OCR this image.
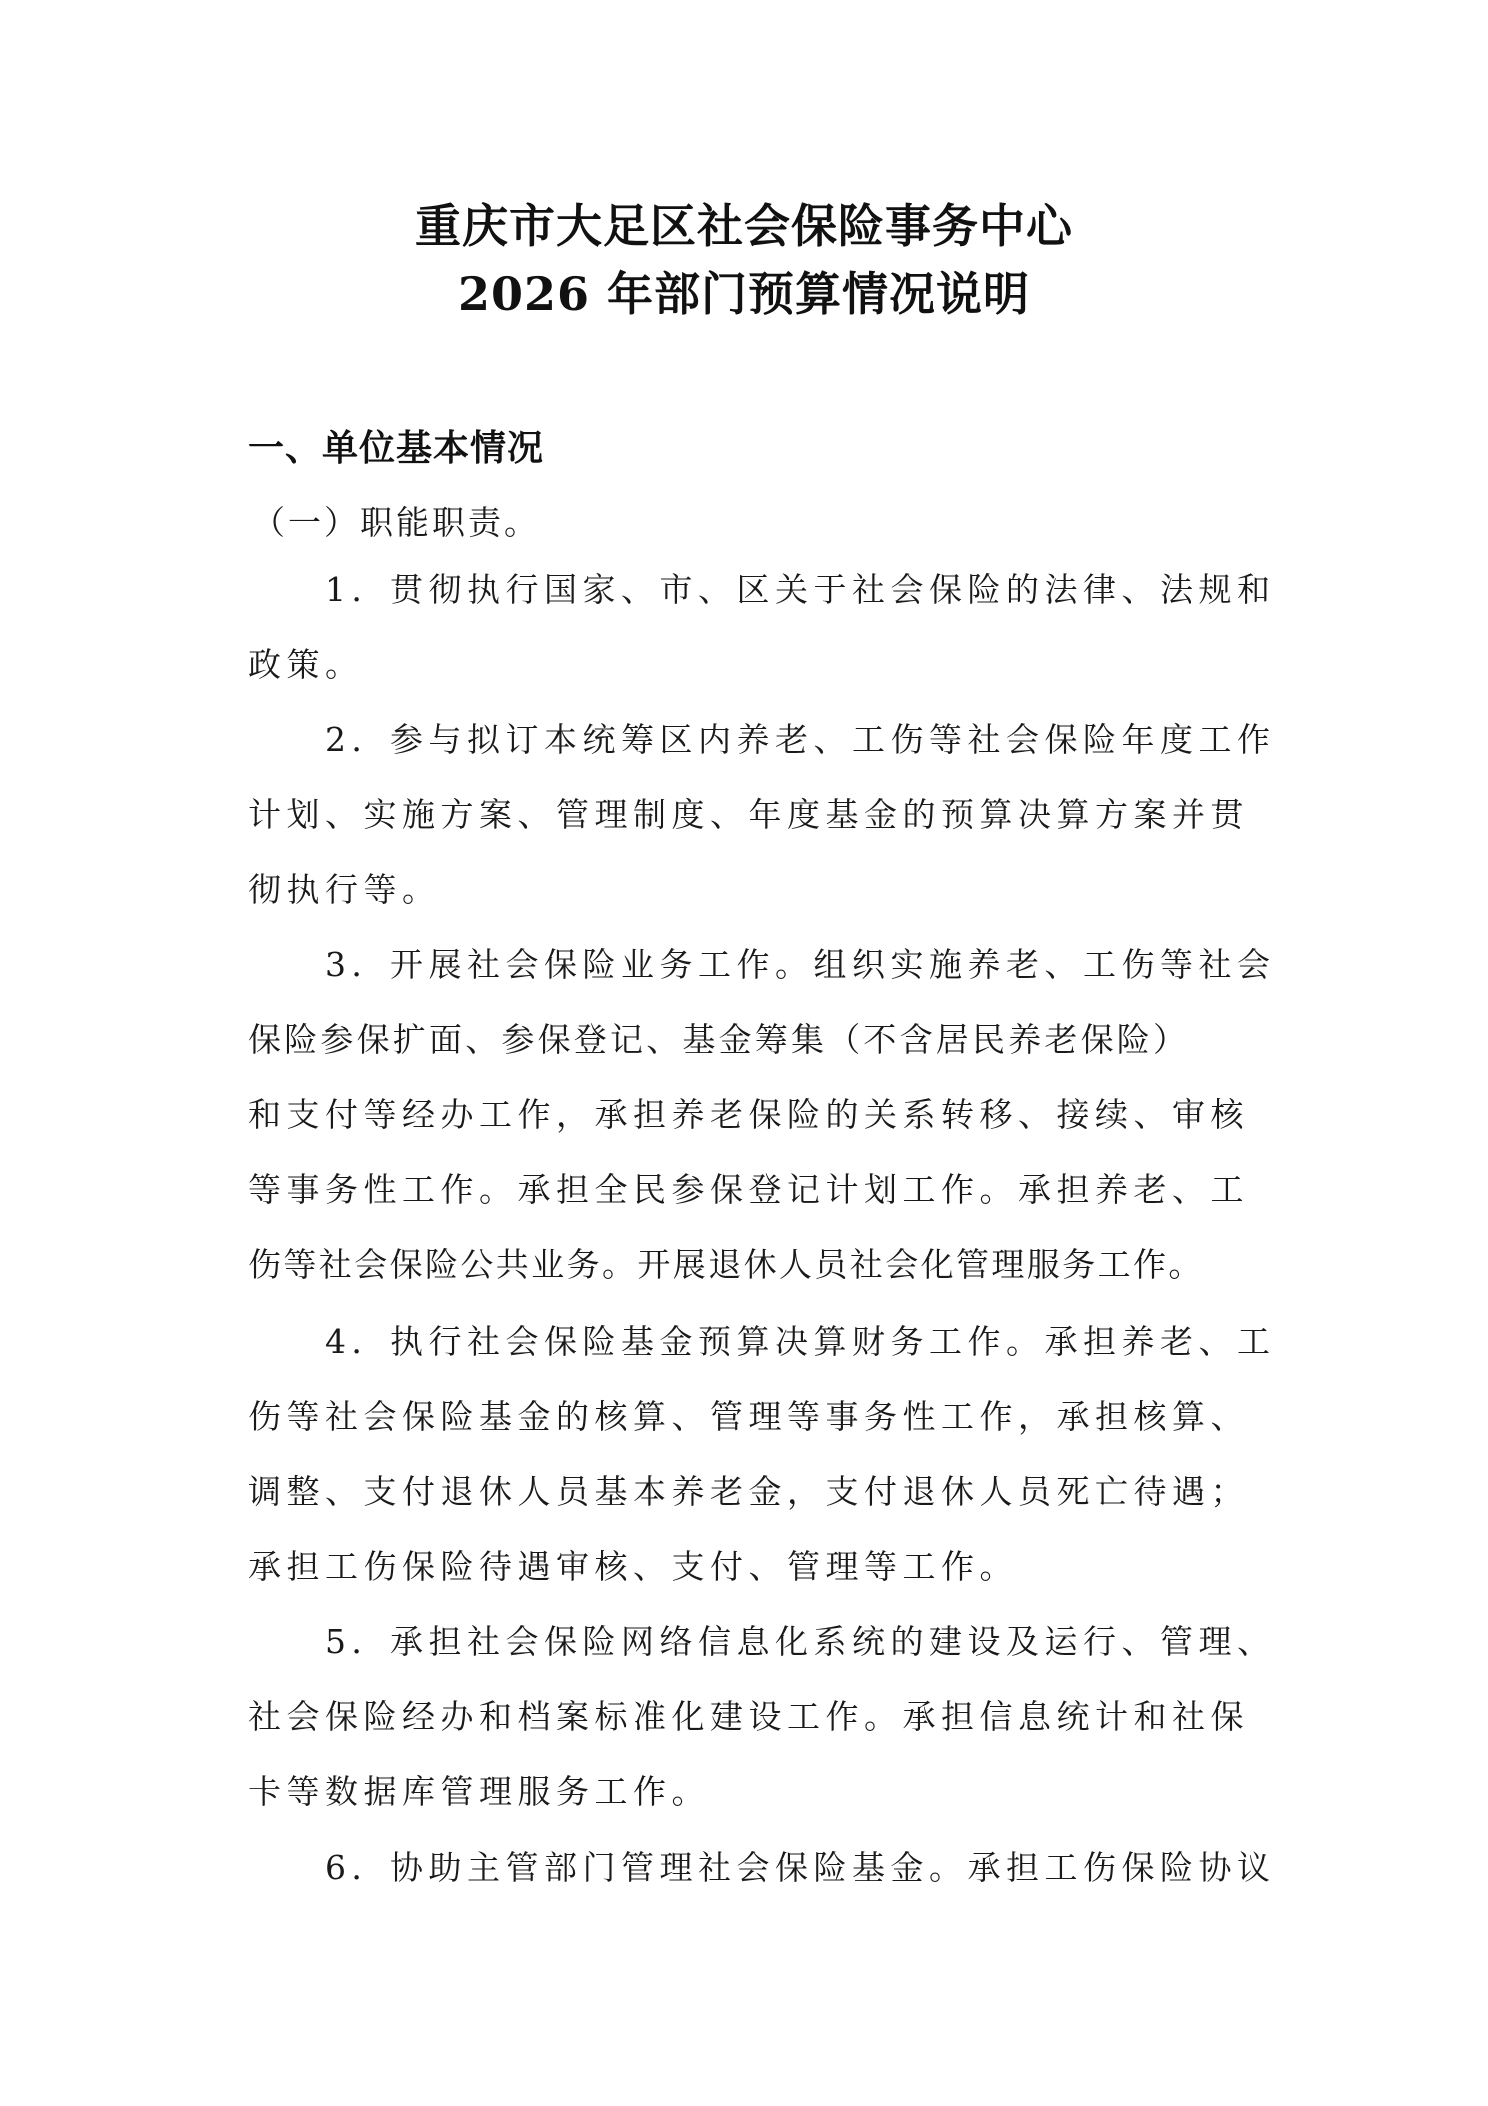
重庆市大足区社会保险事务中心
2026 年部门预算情况说明
一、单位基本情况
（一）职能职责。
1．贯彻执行国家、市、区关于社会保险的法律、法规和
政策。
2．参与拟订本统筹区内养老、工伤等社会保险年度工作
计划、实施方案、管理制度、年度基金的预算决算方案并贯
彻执行等。
3．开展社会保险业务工作。组织实施养老、工伤等社会
保险参保扩面、参保登记、基金筹集（不含居民养老保险）
和支付等经办工作，承担养老保险的关系转移、接续、审核
等事务性工作。承担全民参保登记计划工作。承担养老、工
伤等社会保险公共业务。开展退休人员社会化管理服务工作。
4．执行社会保险基金预算决算财务工作。承担养老、工
伤等社会保险基金的核算、管理等事务性工作，承担核算、
调整、支付退休人员基本养老金，支付退休人员死亡待遇；
承担工伤保险待遇审核、支付、管理等工作。
5．承担社会保险网络信息化系统的建设及运行、管理、
社会保险经办和档案标准化建设工作。承担信息统计和社保
卡等数据库管理服务工作。
6．协助主管部门管理社会保险基金。承担工伤保险协议
